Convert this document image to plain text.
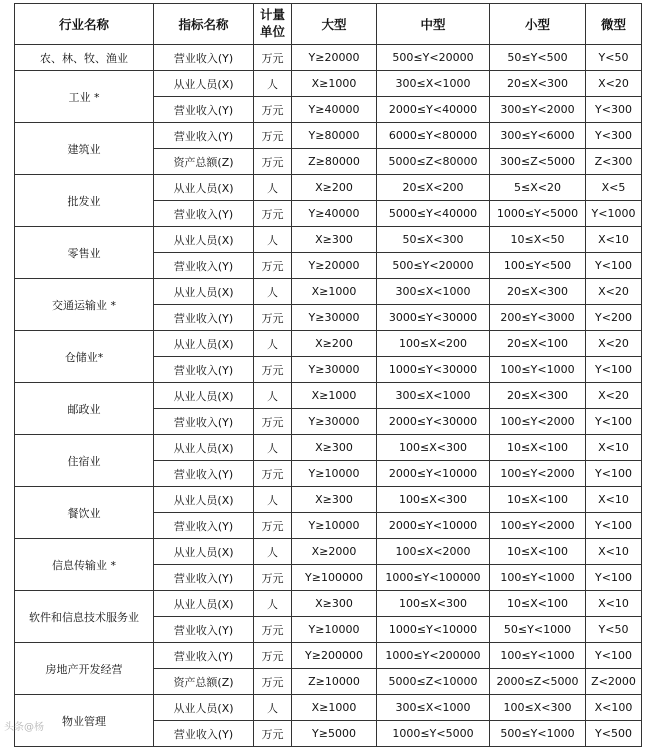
行业名称	指标名称	计量单位	大型	中型	小型	微型
农、林、牧、渔业	营业收入(Y)	万元	Y≥20000	500≤Y<20000	50≤Y<500	Y<50
工业 *	从业人员(X)	人	X≥1000	300≤X<1000	20≤X<300	X<20
	营业收入(Y)	万元	Y≥40000	2000≤Y<40000	300≤Y<2000	Y<300
建筑业	营业收入(Y)	万元	Y≥80000	6000≤Y<80000	300≤Y<6000	Y<300
	资产总额(Z)	万元	Z≥80000	5000≤Z<80000	300≤Z<5000	Z<300
批发业	从业人员(X)	人	X≥200	20≤X<200	5≤X<20	X<5
	营业收入(Y)	万元	Y≥40000	5000≤Y<40000	1000≤Y<5000	Y<1000
零售业	从业人员(X)	人	X≥300	50≤X<300	10≤X<50	X<10
	营业收入(Y)	万元	Y≥20000	500≤Y<20000	100≤Y<500	Y<100
交通运输业 *	从业人员(X)	人	X≥1000	300≤X<1000	20≤X<300	X<20
	营业收入(Y)	万元	Y≥30000	3000≤Y<30000	200≤Y<3000	Y<200
仓储业*	从业人员(X)	人	X≥200	100≤X<200	20≤X<100	X<20
	营业收入(Y)	万元	Y≥30000	1000≤Y<30000	100≤Y<1000	Y<100
邮政业	从业人员(X)	人	X≥1000	300≤X<1000	20≤X<300	X<20
	营业收入(Y)	万元	Y≥30000	2000≤Y<30000	100≤Y<2000	Y<100
住宿业	从业人员(X)	人	X≥300	100≤X<300	10≤X<100	X<10
	营业收入(Y)	万元	Y≥10000	2000≤Y<10000	100≤Y<2000	Y<100
餐饮业	从业人员(X)	人	X≥300	100≤X<300	10≤X<100	X<10
	营业收入(Y)	万元	Y≥10000	2000≤Y<10000	100≤Y<2000	Y<100
信息传输业 *	从业人员(X)	人	X≥2000	100≤X<2000	10≤X<100	X<10
	营业收入(Y)	万元	Y≥100000	1000≤Y<100000	100≤Y<1000	Y<100
软件和信息技术服务业	从业人员(X)	人	X≥300	100≤X<300	10≤X<100	X<10
	营业收入(Y)	万元	Y≥10000	1000≤Y<10000	50≤Y<1000	Y<50
房地产开发经营	营业收入(Y)	万元	Y≥200000	1000≤Y<200000	100≤Y<1000	Y<100
	资产总额(Z)	万元	Z≥10000	5000≤Z<10000	2000≤Z<5000	Z<2000
物业管理	从业人员(X)	人	X≥1000	300≤X<1000	100≤X<300	X<100
	营业收入(Y)	万元	Y≥5000	1000≤Y<5000	500≤Y<1000	Y<500
头条@杨
